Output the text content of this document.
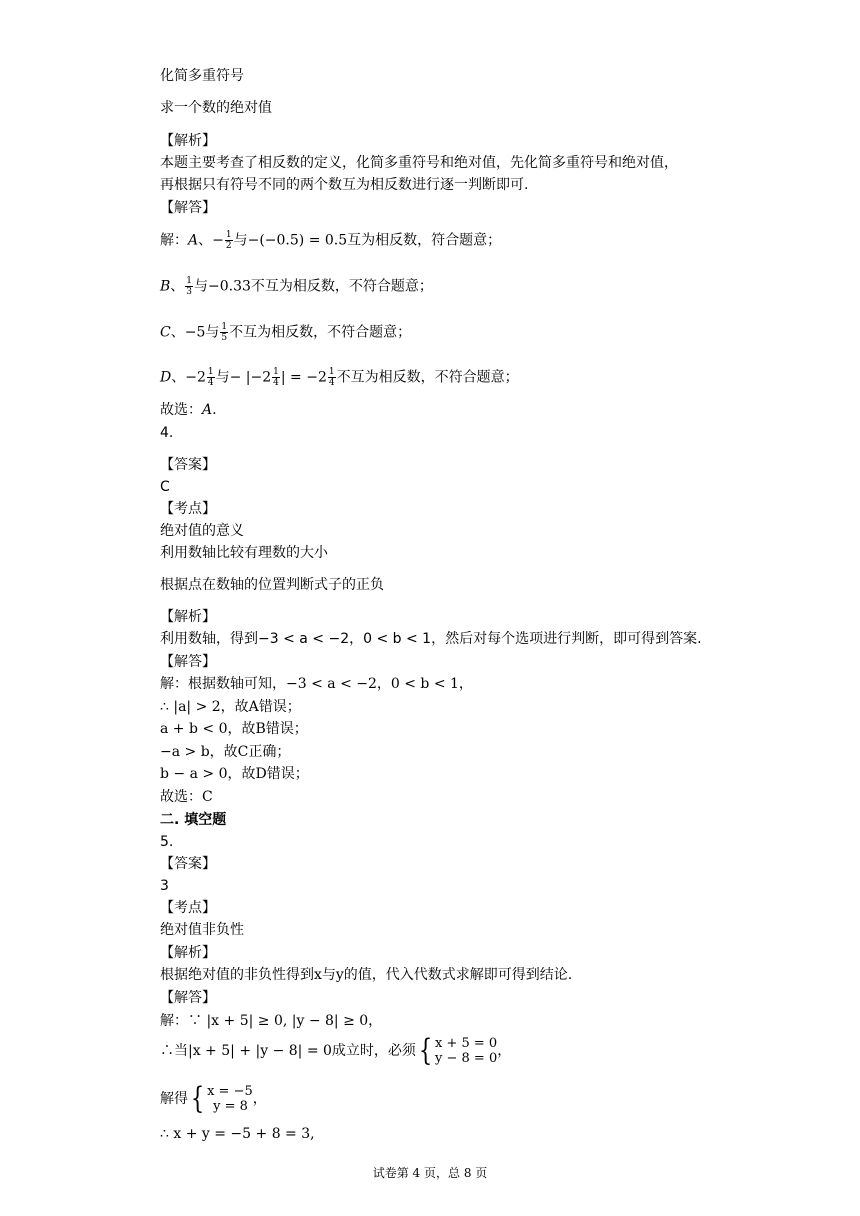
化简多重符号
求一个数的绝对值
【解析】
本题主要考查了相反数的定义，化简多重符号和绝对值，先化简多重符号和绝对值，
再根据只有符号不同的两个数互为相反数进行逐一判断即可.
【解答】
解：A、− $\frac{1}{2}$ 与−(−0.5) = 0.5互为相反数，符合题意；
B、 $\frac{1}{3}$ 与−0.33不互为相反数，不符合题意；
C、−5与 $\frac{1}{5}$ 不互为相反数，不符合题意；
D、$-2 \frac{1}{4}$ 与− $|-2 \frac{1}{4}$ | = $-2 \frac{1}{4}$ 不互为相反数，不符合题意；
故选：A.
4.
【答案】
C
【考点】
绝对值的意义
利用数轴比较有理数的大小
根据点在数轴的位置判断式子的正负
【解析】
利用数轴，得到−3 < a < −2，0 < b < 1，然后对每个选项进行判断，即可得到答案.
【解答】
解：根据数轴可知，−3 < a < −2，0 < b < 1，
∴ |a| > 2，故A错误；
a + b < 0，故B错误；
−a > b，故C正确；
b − a > 0，故D错误；
故选：C
二. 填空题
5.
【答案】
3
【考点】
绝对值非负性
【解析】
根据绝对值的非负性得到x与y的值，代入代数式求解即可得到结论.
【解答】
解：∵ |x + 5| ≥ 0, |y − 8| ≥ 0，
∴当|x + 5| + |y − 8| = 0成立时，必须{ x + 5 = 0
y − 8 = 0 ，
解得{ x = −5
y = 8 ，
∴ x + y = −5 + 8 = 3,
试卷第 4 页，总 8 页
